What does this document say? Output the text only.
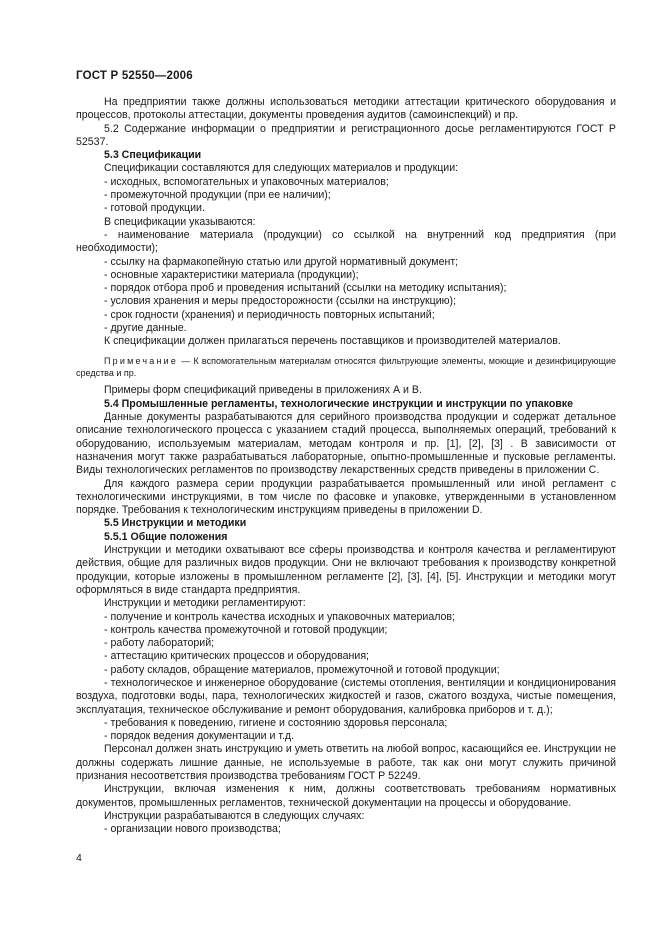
ГОСТ Р 52550—2006

На предприятии также должны использоваться методики аттестации критического оборудования и процессов, протоколы аттестации, документы проведения аудитов (самоинспекций) и пр.

5.2 Содержание информации о предприятии и регистрационного досье регламентируются ГОСТ Р 52537.

5.3 Спецификации

Спецификации составляются для следующих материалов и продукции:

- исходных, вспомогательных и упаковочных материалов;

- промежуточной продукции (при ее наличии);

- готовой продукции.

В спецификации указываются:

- наименование материала (продукции) со ссылкой на внутренний код предприятия (при необходимости);

- ссылку на фармакопейную статью или другой нормативный документ;

- основные характеристики материала (продукции);

- порядок отбора проб и проведения испытаний (ссылки на методику испытания);

- условия хранения и меры предосторожности (ссылки на инструкцию);

- срок годности (хранения) и периодичность повторных испытаний;

- другие данные.

К спецификации должен прилагаться перечень поставщиков и производителей материалов.

Примечание — К вспомогательным материалам относятся фильтрующие элементы, моющие и дезинфицирующие средства и пр.

Примеры форм спецификаций приведены в приложениях А и В.

5.4 Промышленные регламенты, технологические инструкции и инструкции по упаковке

Данные документы разрабатываются для серийного производства продукции и содержат детальное описание технологического процесса с указанием стадий процесса, выполняемых операций, требований к оборудованию, используемым материалам, методам контроля и пр. [1], [2], [3] . В зависимости от назначения могут также разрабатываться лабораторные, опытно-промышленные и пусковые регламенты. Виды технологических регламентов по производству лекарственных средств приведены в приложении С.

Для каждого размера серии продукции разрабатывается промышленный или иной регламент с технологическими инструкциями, в том числе по фасовке и упаковке, утвержденными в установленном порядке. Требования к технологическим инструкциям приведены в приложении D.

5.5 Инструкции и методики

5.5.1 Общие положения

Инструкции и методики охватывают все сферы производства и контроля качества и регламентируют действия, общие для различных видов продукции. Они не включают требования к производству конкретной продукции, которые изложены в промышленном регламенте [2], [3], [4], [5]. Инструкции и методики могут оформляться в виде стандарта предприятия.

Инструкции и методики регламентируют:

- получение и контроль качества исходных и упаковочных материалов;

- контроль качества промежуточной и готовой продукции;

- работу лабораторий;

- аттестацию критических процессов и оборудования;

- работу складов, обращение материалов, промежуточной и готовой продукции;

- технологическое и инженерное оборудование (системы отопления, вентиляции и кондиционирования воздуха, подготовки воды, пара, технологических жидкостей и газов, сжатого воздуха, чистые помещения, эксплуатация, техническое обслуживание и ремонт оборудования, калибровка приборов и т. д.);

- требования к поведению, гигиене и состоянию здоровья персонала;

- порядок ведения документации и т.д.

Персонал должен знать инструкцию и уметь ответить на любой вопрос, касающийся ее. Инструкции не должны содержать лишние данные, не используемые в работе, так как они могут служить причиной признания несоответствия производства требованиям ГОСТ Р 52249.

Инструкции, включая изменения к ним, должны соответствовать требованиям нормативных документов, промышленных регламентов, технической документации на процессы и оборудование.

Инструкции разрабатываются в следующих случаях:

- организации нового производства;

4
